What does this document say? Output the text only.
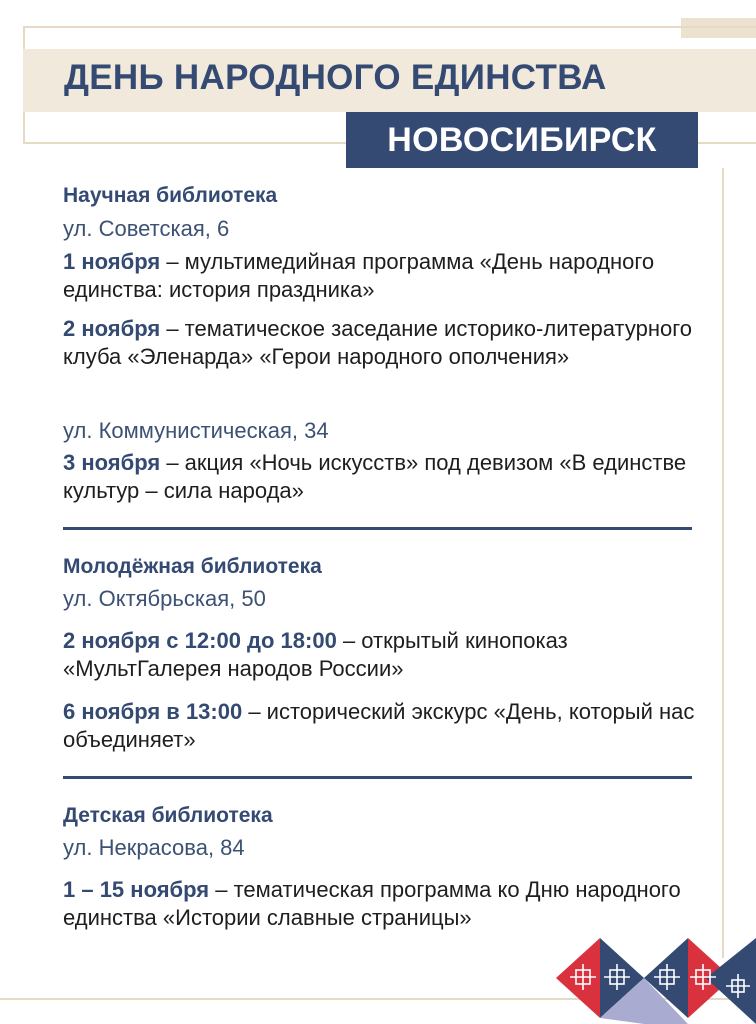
ДЕНЬ НАРОДНОГО ЕДИНСТВА
НОВОСИБИРСК
Научная библиотека
ул. Советская, 6
1 ноября – мультимедийная программа «День народного единства: история праздника»
2 ноября – тематическое заседание историко-литературного клуба «Эленарда» «Герои народного ополчения»
ул. Коммунистическая, 34
3 ноября – акция «Ночь искусств» под девизом «В единстве культур – сила народа»
Молодёжная библиотека
ул. Октябрьская, 50
2 ноября с 12:00 до 18:00 – открытый кинопоказ «МультГалерея народов России»
6 ноября в 13:00 – исторический экскурс «День, который нас объединяет»
Детская библиотека
ул. Некрасова, 84
1 – 15 ноября – тематическая программа ко Дню народного единства «Истории славные страницы»
